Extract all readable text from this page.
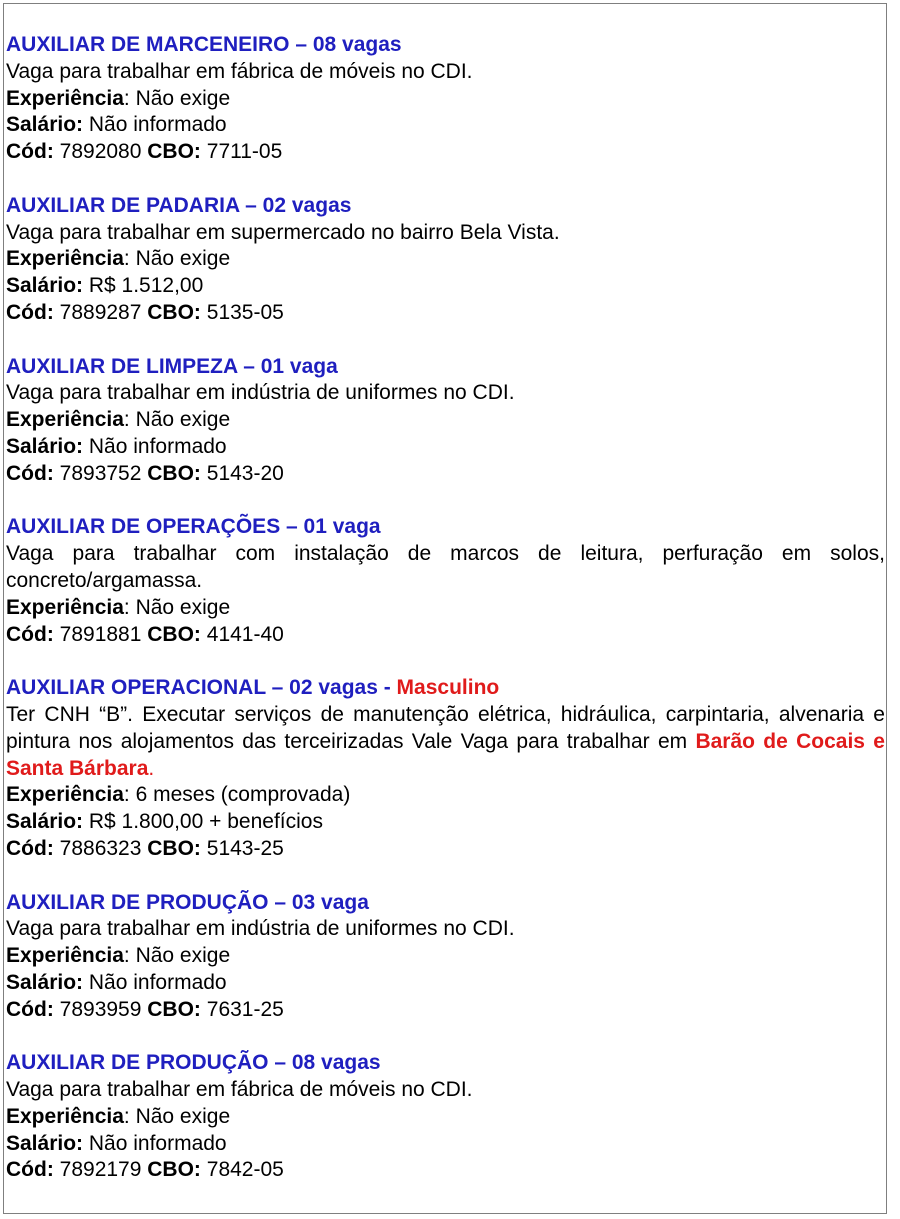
AUXILIAR DE MARCENEIRO – 08 vagas
Vaga para trabalhar em fábrica de móveis no CDI.
Experiência: Não exige
Salário: Não informado
Cód: 7892080 CBO: 7711-05
AUXILIAR DE PADARIA – 02 vagas
Vaga para trabalhar em supermercado no bairro Bela Vista.
Experiência: Não exige
Salário: R$ 1.512,00
Cód: 7889287 CBO: 5135-05
AUXILIAR DE LIMPEZA – 01 vaga
Vaga para trabalhar em indústria de uniformes no CDI.
Experiência: Não exige
Salário: Não informado
Cód: 7893752 CBO: 5143-20
AUXILIAR DE OPERAÇÕES – 01 vaga
Vaga para trabalhar com instalação de marcos de leitura, perfuração em solos, concreto/argamassa.
Experiência: Não exige
Cód: 7891881 CBO: 4141-40
AUXILIAR OPERACIONAL – 02 vagas - Masculino
Ter CNH “B”. Executar serviços de manutenção elétrica, hidráulica, carpintaria, alvenaria e pintura nos alojamentos das terceirizadas Vale Vaga para trabalhar em Barão de Cocais e Santa Bárbara.
Experiência: 6 meses (comprovada)
Salário: R$ 1.800,00 + benefícios
Cód: 7886323 CBO: 5143-25
AUXILIAR DE PRODUÇÃO – 03 vaga
Vaga para trabalhar em indústria de uniformes no CDI.
Experiência: Não exige
Salário: Não informado
Cód: 7893959 CBO: 7631-25
AUXILIAR DE PRODUÇÃO – 08 vagas
Vaga para trabalhar em fábrica de móveis no CDI.
Experiência: Não exige
Salário: Não informado
Cód: 7892179 CBO: 7842-05
